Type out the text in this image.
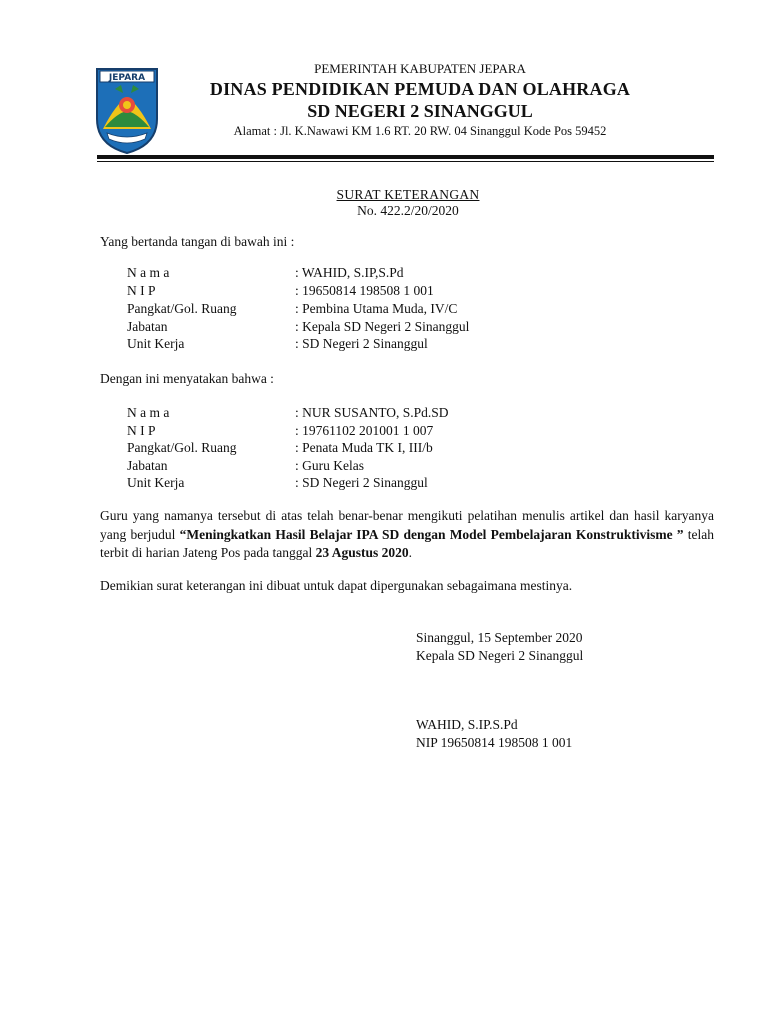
JEPARA
PEMERINTAH KABUPATEN JEPARA
DINAS PENDIDIKAN PEMUDA DAN OLAHRAGA
SD NEGERI 2 SINANGGUL
Alamat : Jl. K.Nawawi KM 1.6 RT. 20 RW. 04 Sinanggul Kode Pos 59452
SURAT KETERANGAN
No. 422.2/20/2020
Yang bertanda tangan di bawah ini :
N a m a	: WAHID, S.IP,S.Pd
N I P	: 19650814 198508 1 001
Pangkat/Gol. Ruang	: Pembina Utama Muda, IV/C
Jabatan	: Kepala SD Negeri 2 Sinanggul
Unit Kerja	: SD Negeri 2 Sinanggul
Dengan ini menyatakan bahwa :
N a m a	: NUR SUSANTO, S.Pd.SD
N I P	: 19761102 201001 1 007
Pangkat/Gol. Ruang	: Penata Muda TK I, III/b
Jabatan	: Guru Kelas
Unit Kerja	: SD Negeri 2 Sinanggul
Guru yang namanya tersebut di atas telah benar-benar mengikuti pelatihan menulis artikel dan hasil karyanya yang berjudul “Meningkatkan Hasil Belajar IPA SD dengan Model Pembelajaran Konstruktivisme ” telah terbit di harian Jateng Pos pada tanggal 23 Agustus 2020.
Demikian surat keterangan ini dibuat untuk dapat dipergunakan sebagaimana mestinya.
Sinanggul, 15 September 2020
Kepala SD Negeri 2 Sinanggul
WAHID, S.IP.S.Pd
NIP 19650814 198508 1 001
